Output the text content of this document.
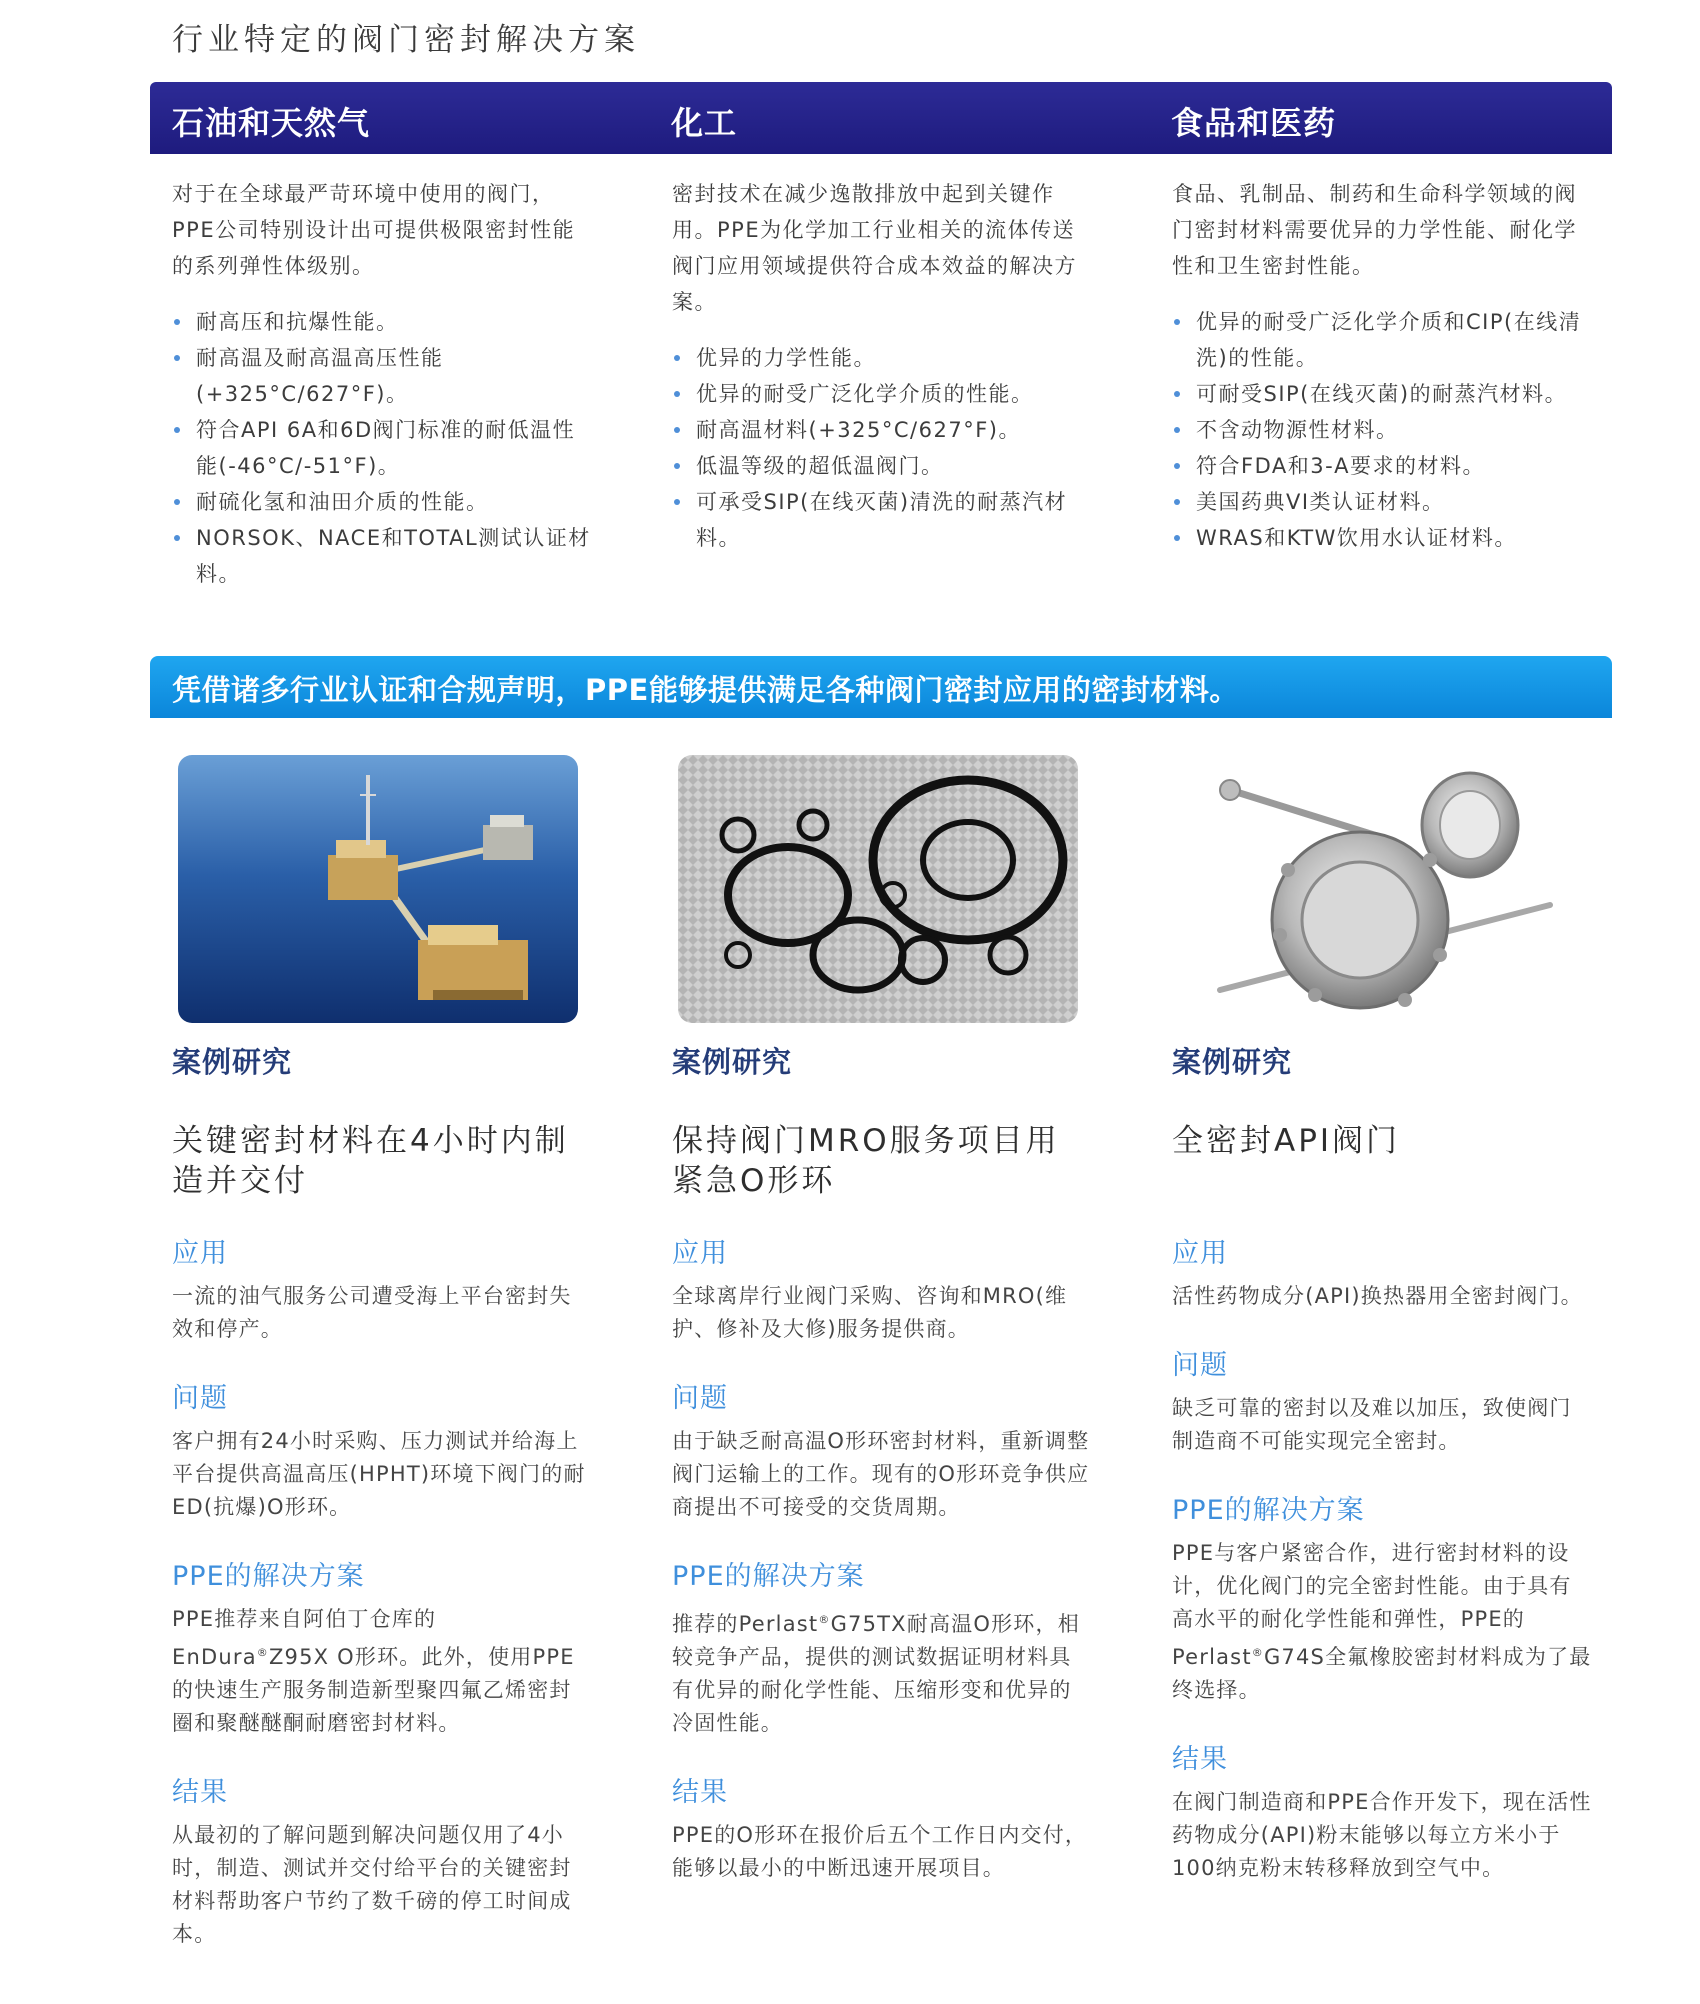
行业特定的阀门密封解决方案
石油和天然气	化工	食品和医药

对于在全球最严苛环境中使用的阀门，PPE公司特别设计出可提供极限密封性能的系列弹性体级别。

耐高压和抗爆性能。
耐高温及耐高温高压性能(+325°C/627°F)。
符合API 6A和6D阀门标准的耐低温性能(-46°C/-51°F)。
耐硫化氢和油田介质的性能。
NORSOK、NACE和TOTAL测试认证材料。

密封技术在减少逸散排放中起到关键作用。PPE为化学加工行业相关的流体传送阀门应用领域提供符合成本效益的解决方案。

优异的力学性能。
优异的耐受广泛化学介质的性能。
耐高温材料(+325°C/627°F)。
低温等级的超低温阀门。
可承受SIP(在线灭菌)清洗的耐蒸汽材料。

食品、乳制品、制药和生命科学领域的阀门密封材料需要优异的力学性能、耐化学性和卫生密封性能。

优异的耐受广泛化学介质和CIP(在线清洗)的性能。
可耐受SIP(在线灭菌)的耐蒸汽材料。
不含动物源性材料。
符合FDA和3-A要求的材料。
美国药典VI类认证材料。
WRAS和KTW饮用水认证材料。
凭借诸多行业认证和合规声明，PPE能够提供满足各种阀门密封应用的密封材料。
案例研究
关键密封材料在4小时内制造并交付
应用

一流的油气服务公司遭受海上平台密封失效和停产。

问题

客户拥有24小时采购、压力测试并给海上平台提供高温高压(HPHT)环境下阀门的耐ED(抗爆)O形环。

PPE的解决方案

PPE推荐来自阿伯丁仓库的EnDura®Z95X O形环。此外，使用PPE的快速生产服务制造新型聚四氟乙烯密封圈和聚醚醚酮耐磨密封材料。

结果

从最初的了解问题到解决问题仅用了4小时，制造、测试并交付给平台的关键密封材料帮助客户节约了数千磅的停工时间成本。

案例研究
保持阀门MRO服务项目用紧急O形环
应用

全球离岸行业阀门采购、咨询和MRO(维护、修补及大修)服务提供商。

问题

由于缺乏耐高温O形环密封材料，重新调整阀门运输上的工作。现有的O形环竞争供应商提出不可接受的交货周期。

PPE的解决方案

推荐的Perlast®G75TX耐高温O形环，相较竞争产品，提供的测试数据证明材料具有优异的耐化学性能、压缩形变和优异的冷固性能。

结果

PPE的O形环在报价后五个工作日内交付，能够以最小的中断迅速开展项目。

案例研究
全密封API阀门
应用

活性药物成分(API)换热器用全密封阀门。

问题

缺乏可靠的密封以及难以加压，致使阀门制造商不可能实现完全密封。

PPE的解决方案

PPE与客户紧密合作，进行密封材料的设计，优化阀门的完全密封性能。由于具有高水平的耐化学性能和弹性，PPE的Perlast®G74S全氟橡胶密封材料成为了最终选择。

结果

在阀门制造商和PPE合作开发下，现在活性药物成分(API)粉末能够以每立方米小于100纳克粉末转移释放到空气中。
